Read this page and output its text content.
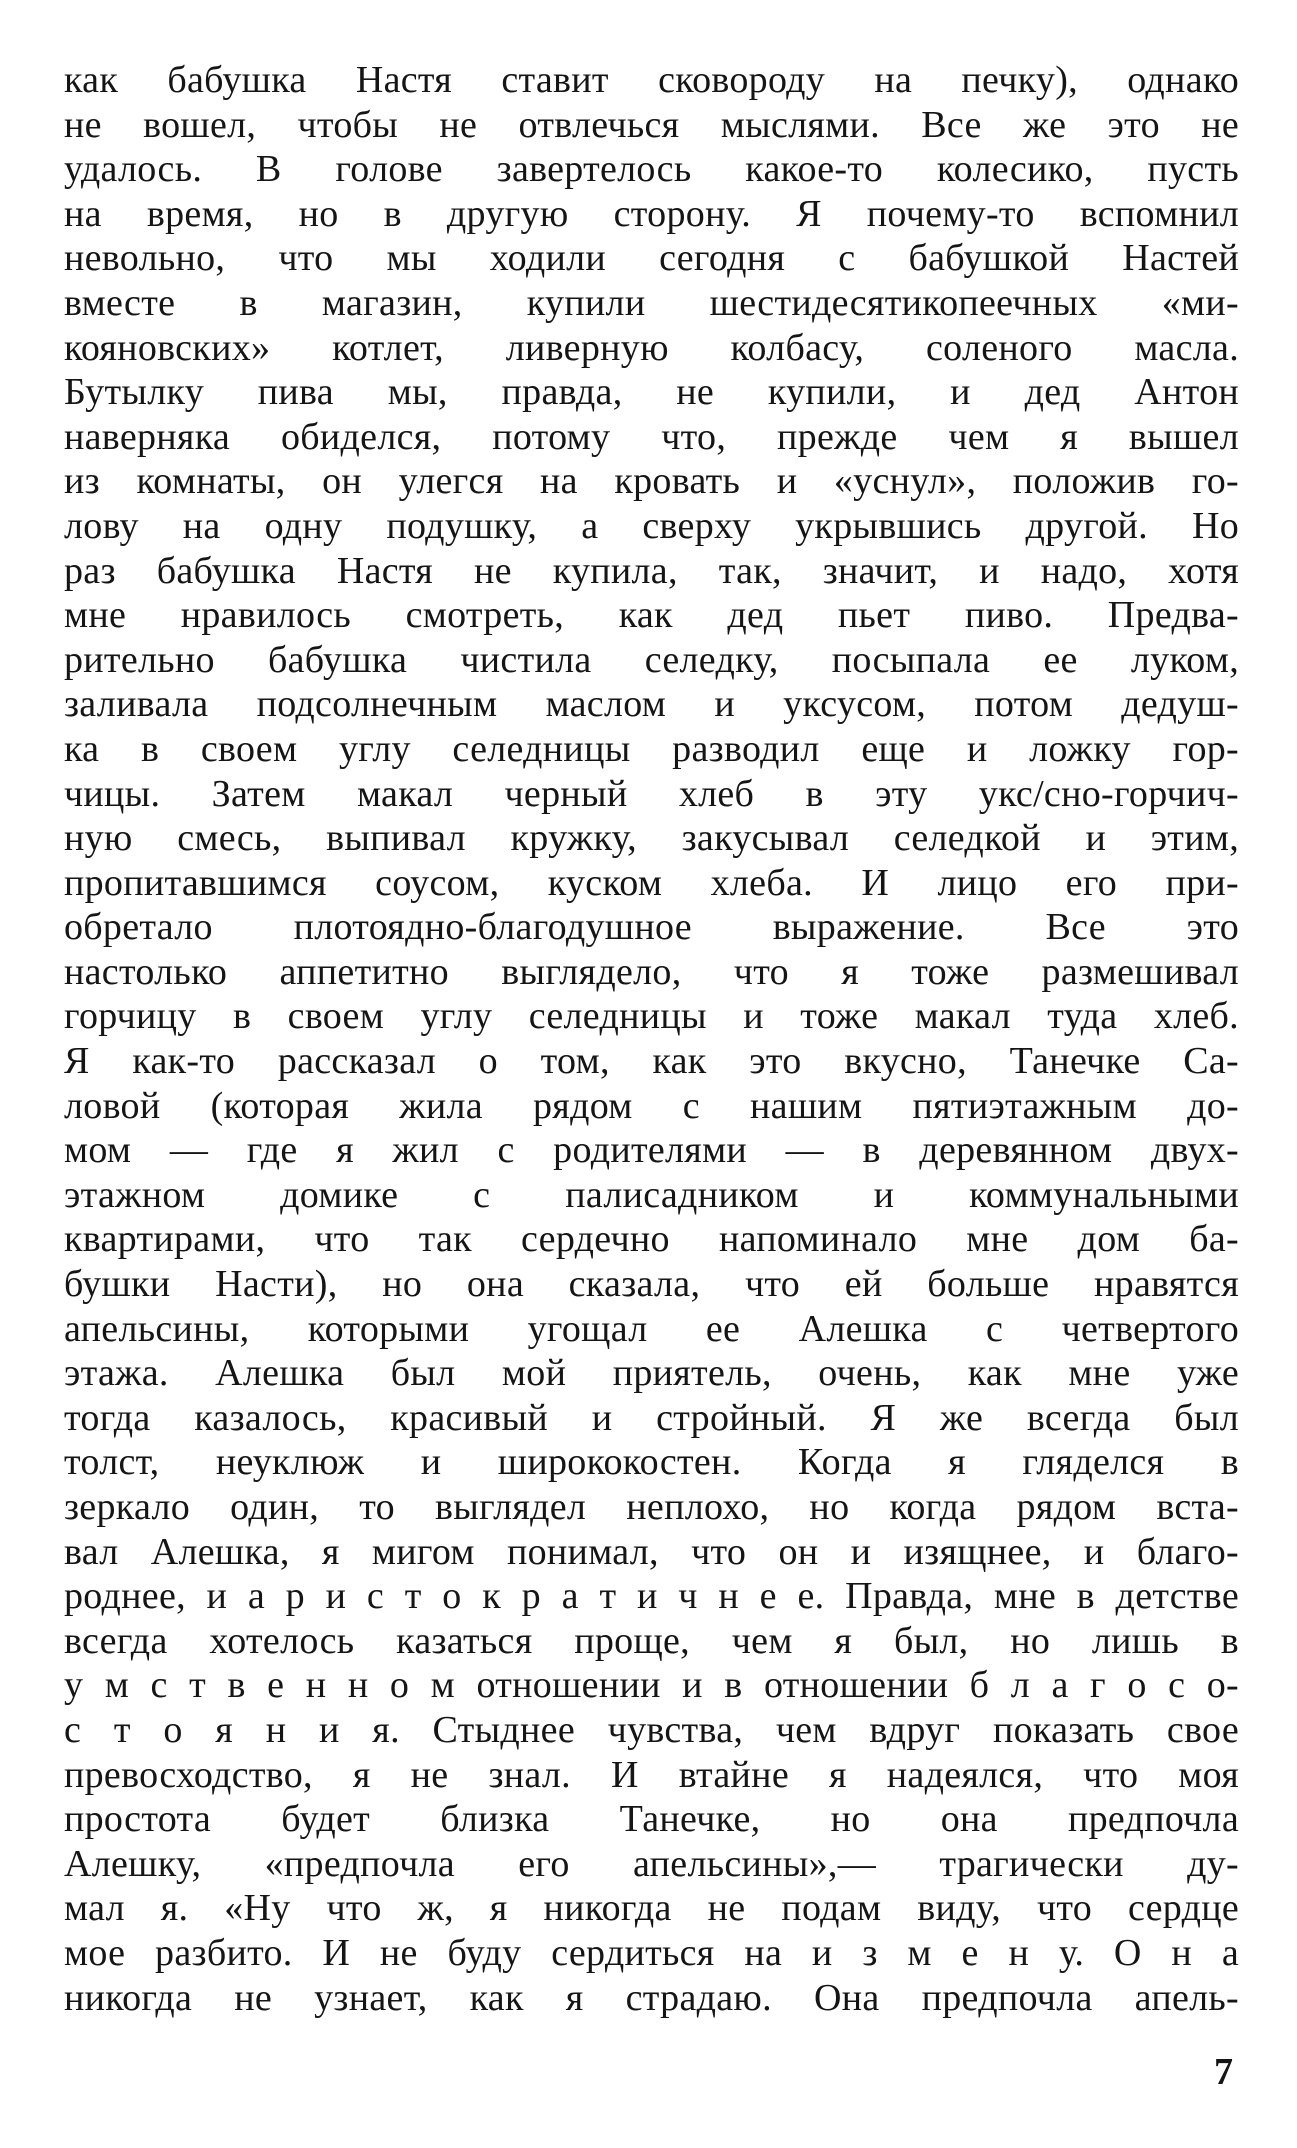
как бабушка Настя ставит сковороду на печку), однако
не вошел, чтобы не отвлечься мыслями. Все же это не
удалось. В голове завертелось какое-то колесико, пусть
на время, но в другую сторону. Я почему-то вспомнил
невольно, что мы ходили сегодня с бабушкой Настей
вместе в магазин, купили шестидесятикопеечных «ми-
кояновских» котлет, ливерную колбасу, соленого масла.
Бутылку пива мы, правда, не купили, и дед Антон
наверняка обиделся, потому что, прежде чем я вышел
из комнаты, он улегся на кровать и «уснул», положив го-
лову на одну подушку, а сверху укрывшись другой. Но
раз бабушка Настя не купила, так, значит, и надо, хотя
мне нравилось смотреть, как дед пьет пиво. Предва-
рительно бабушка чистила селедку, посыпала ее луком,
заливала подсолнечным маслом и уксусом, потом дедуш-
ка в своем углу селедницы разводил еще и ложку гор-
чицы. Затем макал черный хлеб в эту укс/сно-горчич-
ную смесь, выпивал кружку, закусывал селедкой и этим,
пропитавшимся соусом, куском хлеба. И лицо его при-
обретало плотоядно-благодушное выражение. Все это
настолько аппетитно выглядело, что я тоже размешивал
горчицу в своем углу селедницы и тоже макал туда хлеб.
Я как-то рассказал о том, как это вкусно, Танечке Са-
ловой (которая жила рядом с нашим пятиэтажным до-
мом — где я жил с родителями — в деревянном двух-
этажном домике с палисадником и коммунальными
квартирами, что так сердечно напоминало мне дом ба-
бушки Насти), но она сказала, что ей больше нравятся
апельсины, которыми угощал ее Алешка с четвертого
этажа. Алешка был мой приятель, очень, как мне уже
тогда казалось, красивый и стройный. Я же всегда был
толст, неуклюж и ширококостен. Когда я гляделся в
зеркало один, то выглядел неплохо, но когда рядом вста-
вал Алешка, я мигом понимал, что он и изящнее, и благо-
роднее, и а р и с т о к р а т и ч н е е. Правда, мне в детстве
всегда хотелось казаться проще, чем я был, но лишь в
у м с т в е н н о м отношении и в отношении б л а г о с о-
с т о я н и я. Стыднее чувства, чем вдруг показать свое
превосходство, я не знал. И втайне я надеялся, что моя
простота будет близка Танечке, но она предпочла
Алешку, «предпочла его апельсины»,— трагически ду-
мал я. «Ну что ж, я никогда не подам виду, что сердце
мое разбито. И не буду сердиться на и з м е н у. О н а
никогда не узнает, как я страдаю. Она предпочла апель-
7
